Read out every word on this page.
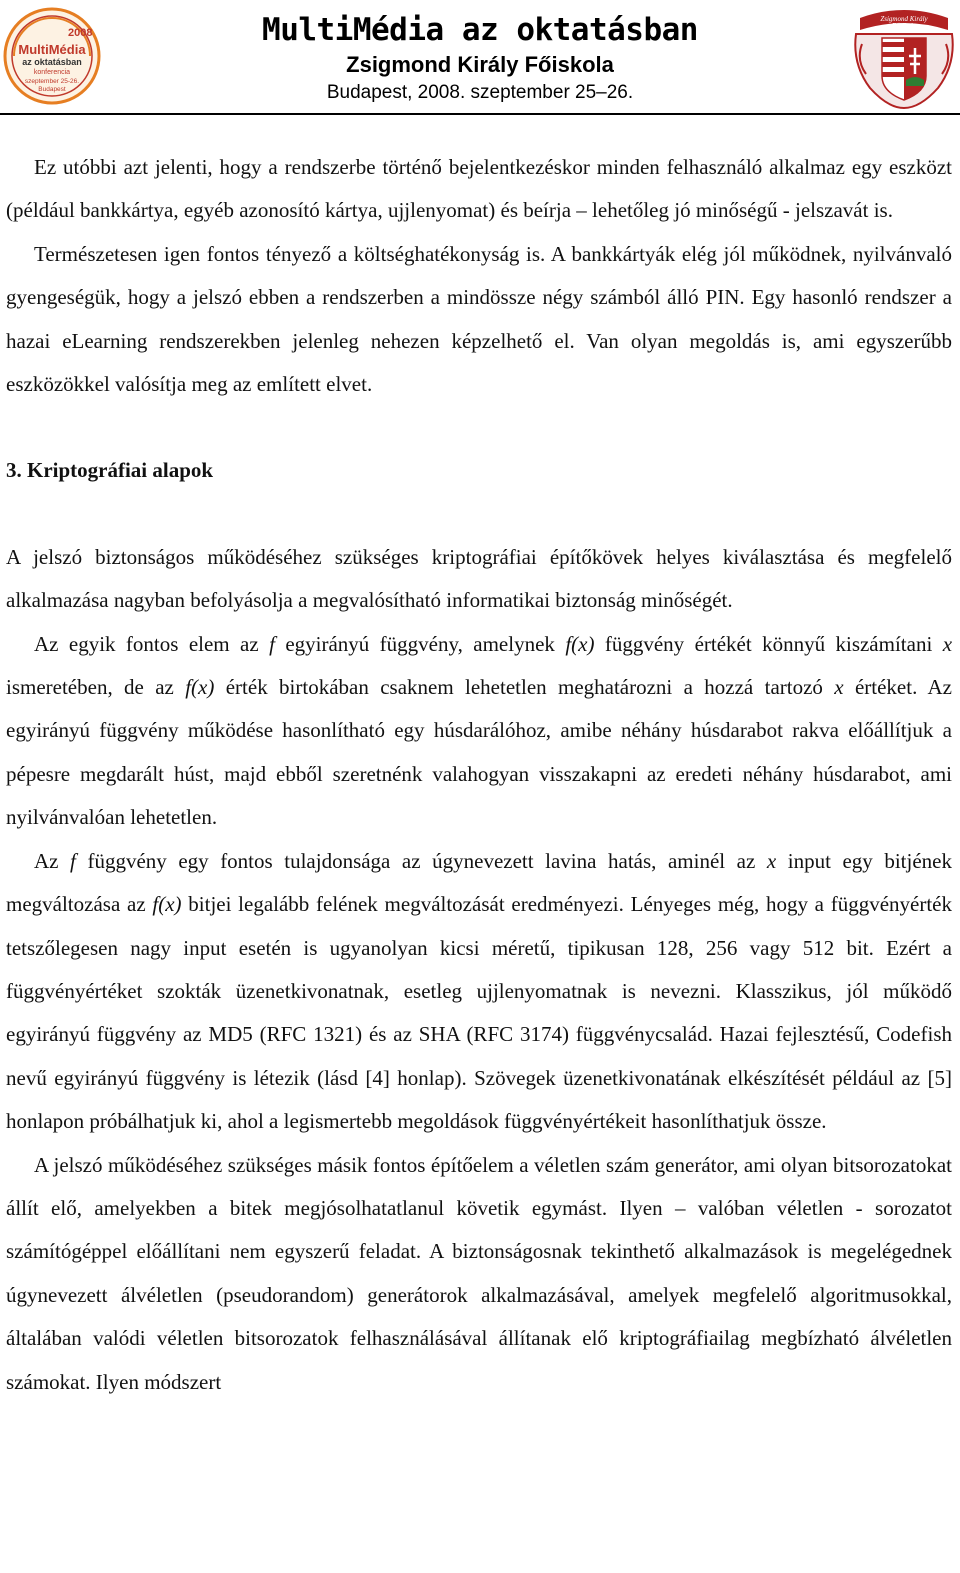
2008
MultiMédia
az oktatásban
konferencia
szeptember 25-26.
Budapest
MultiMédia az oktatásban
Zsigmond Király Főiskola
Budapest, 2008. szeptember 25–26.
Zsigmond Király
Főiskola

Ez utóbbi azt jelenti, hogy a rendszerbe történő bejelentkezéskor minden felhasználó alkalmaz egy eszközt (például bankkártya, egyéb azonosító kártya, ujjlenyomat) és beírja – lehetőleg jó minőségű - jelszavát is.

Természetesen igen fontos tényező a költséghatékonyság is. A bankkártyák elég jól működnek, nyilvánvaló gyengeségük, hogy a jelszó ebben a rendszerben a mindössze négy számból álló PIN. Egy hasonló rendszer a hazai eLearning rendszerekben jelenleg nehezen képzelhető el. Van olyan megoldás is, ami egyszerűbb eszközökkel valósítja meg az említett elvet.

3. Kriptográfiai alapok

A jelszó biztonságos működéséhez szükséges kriptográfiai építőkövek helyes kiválasztása és megfelelő alkalmazása nagyban befolyásolja a megvalósítható informatikai biztonság minőségét.

Az egyik fontos elem az f egyirányú függvény, amelynek f(x) függvény értékét könnyű kiszámítani x ismeretében, de az f(x) érték birtokában csaknem lehetetlen meghatározni a hozzá tartozó x értéket. Az egyirányú függvény működése hasonlítható egy húsdarálóhoz, amibe néhány húsdarabot rakva előállítjuk a pépesre megdarált húst, majd ebből szeretnénk valahogyan visszakapni az eredeti néhány húsdarabot, ami nyilvánvalóan lehetetlen.

Az f függvény egy fontos tulajdonsága az úgynevezett lavina hatás, aminél az x input egy bitjének megváltozása az f(x) bitjei legalább felének megváltozását eredményezi. Lényeges még, hogy a függvényérték tetszőlegesen nagy input esetén is ugyanolyan kicsi méretű, tipikusan 128, 256 vagy 512 bit. Ezért a függvényértéket szokták üzenetkivonatnak, esetleg ujjlenyomatnak is nevezni. Klasszikus, jól működő egyirányú függvény az MD5 (RFC 1321) és az SHA (RFC 3174) függvénycsalád. Hazai fejlesztésű, Codefish nevű egyirányú függvény is létezik (lásd [4] honlap). Szövegek üzenetkivonatának elkészítését például az [5] honlapon próbálhatjuk ki, ahol a legismertebb megoldások függvényértékeit hasonlíthatjuk össze.

A jelszó működéséhez szükséges másik fontos építőelem a véletlen szám generátor, ami olyan bitsorozatokat állít elő, amelyekben a bitek megjósolhatatlanul követik egymást. Ilyen – valóban véletlen - sorozatot számítógéppel előállítani nem egyszerű feladat. A biztonságosnak tekinthető alkalmazások is megelégednek úgynevezett álvéletlen (pseudorandom) generátorok alkalmazásával, amelyek megfelelő algoritmusokkal, általában valódi véletlen bitsorozatok felhasználásával állítanak elő kriptográfiailag megbízható álvéletlen számokat. Ilyen módszert
